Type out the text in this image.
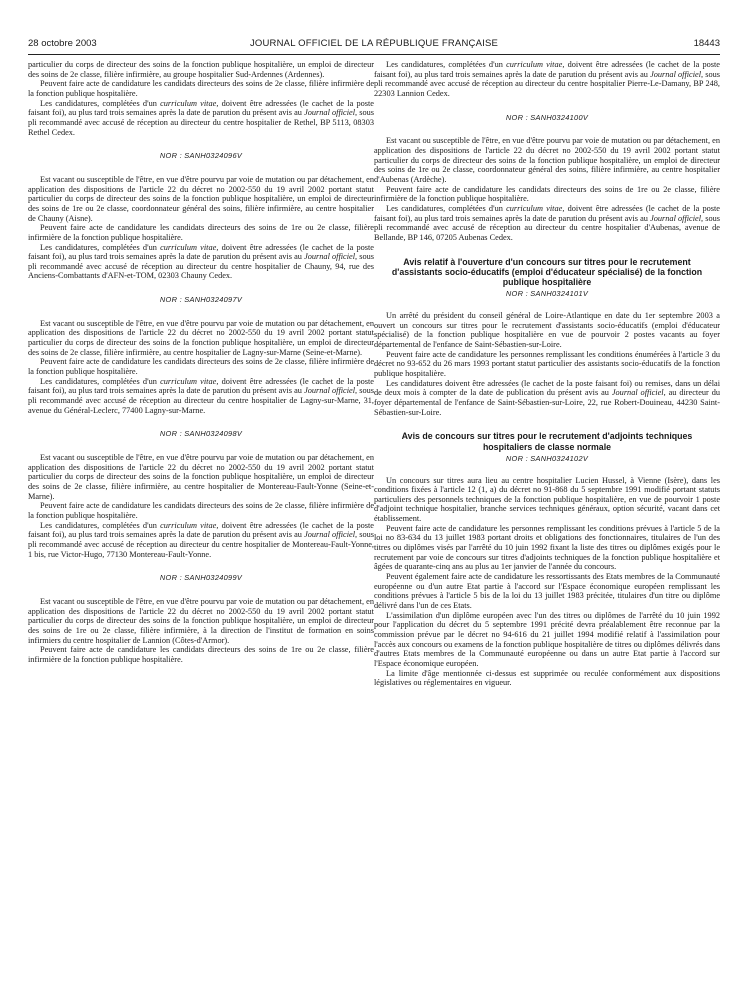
28 octobre 2003	JOURNAL OFFICIEL DE LA RÉPUBLIQUE FRANÇAISE	18443

particulier du corps de directeur des soins de la fonction publique hospitalière, un emploi de directeur des soins de 2e classe, filière infirmière, au groupe hospitalier Sud-Ardennes (Ardennes).

Peuvent faire acte de candidature les candidats directeurs des soins de 2e classe, filière infirmière de la fonction publique hospitalière.

Les candidatures, complétées d'un curriculum vitae, doivent être adressées (le cachet de la poste faisant foi), au plus tard trois semaines après la date de parution du présent avis au Journal officiel, sous pli recommandé avec accusé de réception au directeur du centre hospitalier de Rethel, BP 5113, 08303 Rethel Cedex.

NOR : SANH0324096V

Est vacant ou susceptible de l'être, en vue d'être pourvu par voie de mutation ou par détachement, en application des dispositions de l'article 22 du décret no 2002-550 du 19 avril 2002 portant statut particulier du corps de directeur des soins de la fonction publique hospitalière, un emploi de directeur des soins de 1re ou 2e classe, coordonnateur général des soins, filière infirmière, au centre hospitalier de Chauny (Aisne).

Peuvent faire acte de candidature les candidats directeurs des soins de 1re ou 2e classe, filière infirmière de la fonction publique hospitalière.

Les candidatures, complétées d'un curriculum vitae, doivent être adressées (le cachet de la poste faisant foi), au plus tard trois semaines après la date de parution du présent avis au Journal officiel, sous pli recommandé avec accusé de réception au directeur du centre hospitalier de Chauny, 94, rue des Anciens-Combattants d'AFN-et-TOM, 02303 Chauny Cedex.

NOR : SANH0324097V

Est vacant ou susceptible de l'être, en vue d'être pourvu par voie de mutation ou par détachement, en application des dispositions de l'article 22 du décret no 2002-550 du 19 avril 2002 portant statut particulier du corps de directeur des soins de la fonction publique hospitalière, un emploi de directeur des soins de 2e classe, filière infirmière, au centre hospitalier de Lagny-sur-Marne (Seine-et-Marne).

Peuvent faire acte de candidature les candidats directeurs des soins de 2e classe, filière infirmière de la fonction publique hospitalière.

Les candidatures, complétées d'un curriculum vitae, doivent être adressées (le cachet de la poste faisant foi), au plus tard trois semaines après la date de parution du présent avis au Journal officiel, sous pli recommandé avec accusé de réception au directeur du centre hospitalier de Lagny-sur-Marne, 31, avenue du Général-Leclerc, 77400 Lagny-sur-Marne.

NOR : SANH0324098V

Est vacant ou susceptible de l'être, en vue d'être pourvu par voie de mutation ou par détachement, en application des dispositions de l'article 22 du décret no 2002-550 du 19 avril 2002 portant statut particulier du corps de directeur des soins de la fonction publique hospitalière, un emploi de directeur des soins de 2e classe, filière infirmière, au centre hospitalier de Montereau-Fault-Yonne (Seine-et-Marne).

Peuvent faire acte de candidature les candidats directeurs des soins de 2e classe, filière infirmière de la fonction publique hospitalière.

Les candidatures, complétées d'un curriculum vitae, doivent être adressées (le cachet de la poste faisant foi), au plus tard trois semaines après la date de parution du présent avis au Journal officiel, sous pli recommandé avec accusé de réception au directeur du centre hospitalier de Montereau-Fault-Yonne, 1 bis, rue Victor-Hugo, 77130 Montereau-Fault-Yonne.

NOR : SANH0324099V

Est vacant ou susceptible de l'être, en vue d'être pourvu par voie de mutation ou par détachement, en application des dispositions de l'article 22 du décret no 2002-550 du 19 avril 2002 portant statut particulier du corps de directeur des soins de la fonction publique hospitalière, un emploi de directeur des soins de 1re ou 2e classe, filière infirmière, à la direction de l'institut de formation en soins infirmiers du centre hospitalier de Lannion (Côtes-d'Armor).

Peuvent faire acte de candidature les candidats directeurs des soins de 1re ou 2e classe, filière infirmière de la fonction publique hospitalière.

Les candidatures, complétées d'un curriculum vitae, doivent être adressées (le cachet de la poste faisant foi), au plus tard trois semaines après la date de parution du présent avis au Journal officiel, sous pli recommandé avec accusé de réception au directeur du centre hospitalier Pierre-Le-Damany, BP 248, 22303 Lannion Cedex.

NOR : SANH0324100V

Est vacant ou susceptible de l'être, en vue d'être pourvu par voie de mutation ou par détachement, en application des dispositions de l'article 22 du décret no 2002-550 du 19 avril 2002 portant statut particulier du corps de directeur des soins de la fonction publique hospitalière, un emploi de directeur des soins de 1re ou 2e classe, coordonnateur général des soins, filière infirmière, au centre hospitalier d'Aubenas (Ardèche).

Peuvent faire acte de candidature les candidats directeurs des soins de 1re ou 2e classe, filière infirmière de la fonction publique hospitalière.

Les candidatures, complétées d'un curriculum vitae, doivent être adressées (le cachet de la poste faisant foi), au plus tard trois semaines après la date de parution du présent avis au Journal officiel, sous pli recommandé avec accusé de réception au directeur du centre hospitalier d'Aubenas, avenue de Bellande, BP 146, 07205 Aubenas Cedex.

Avis relatif à l'ouverture d'un concours sur titres pour le recrutement d'assistants socio-éducatifs (emploi d'éducateur spécialisé) de la fonction publique hospitalière
NOR : SANH0324101V

Un arrêté du président du conseil général de Loire-Atlantique en date du 1er septembre 2003 a ouvert un concours sur titres pour le recrutement d'assistants socio-éducatifs (emploi d'éducateur spécialisé) de la fonction publique hospitalière en vue de pourvoir 2 postes vacants au foyer départemental de l'enfance de Saint-Sébastien-sur-Loire.

Peuvent faire acte de candidature les personnes remplissant les conditions énumérées à l'article 3 du décret no 93-652 du 26 mars 1993 portant statut particulier des assistants socio-éducatifs de la fonction publique hospitalière.

Les candidatures doivent être adressées (le cachet de la poste faisant foi) ou remises, dans un délai de deux mois à compter de la date de publication du présent avis au Journal officiel, au directeur du foyer départemental de l'enfance de Saint-Sébastien-sur-Loire, 22, rue Robert-Douineau, 44230 Saint-Sébastien-sur-Loire.

Avis de concours sur titres pour le recrutement d'adjoints techniques hospitaliers de classe normale
NOR : SANH0324102V

Un concours sur titres aura lieu au centre hospitalier Lucien Hussel, à Vienne (Isère), dans les conditions fixées à l'article 12 (1, a) du décret no 91-868 du 5 septembre 1991 modifié portant statuts particuliers des personnels techniques de la fonction publique hospitalière, en vue de pourvoir 1 poste d'adjoint technique hospitalier, branche services techniques généraux, option sécurité, vacant dans cet établissement.

Peuvent faire acte de candidature les personnes remplissant les conditions prévues à l'article 5 de la loi no 83-634 du 13 juillet 1983 portant droits et obligations des fonctionnaires, titulaires de l'un des titres ou diplômes visés par l'arrêté du 10 juin 1992 fixant la liste des titres ou diplômes exigés pour le recrutement par voie de concours sur titres d'adjoints techniques de la fonction publique hospitalière et âgées de quarante-cinq ans au plus au 1er janvier de l'année du concours.

Peuvent également faire acte de candidature les ressortissants des Etats membres de la Communauté européenne ou d'un autre Etat partie à l'accord sur l'Espace économique européen remplissant les conditions prévues à l'article 5 bis de la loi du 13 juillet 1983 précitée, titulaires d'un titre ou diplôme délivré dans l'un de ces Etats.

L'assimilation d'un diplôme européen avec l'un des titres ou diplômes de l'arrêté du 10 juin 1992 pour l'application du décret du 5 septembre 1991 précité devra préalablement être reconnue par la commission prévue par le décret no 94-616 du 21 juillet 1994 modifié relatif à l'assimilation pour l'accès aux concours ou examens de la fonction publique hospitalière de titres ou diplômes délivrés dans d'autres Etats membres de la Communauté européenne ou dans un autre Etat partie à l'accord sur l'Espace économique européen.

La limite d'âge mentionnée ci-dessus est supprimée ou reculée conformément aux dispositions législatives ou réglementaires en vigueur.
